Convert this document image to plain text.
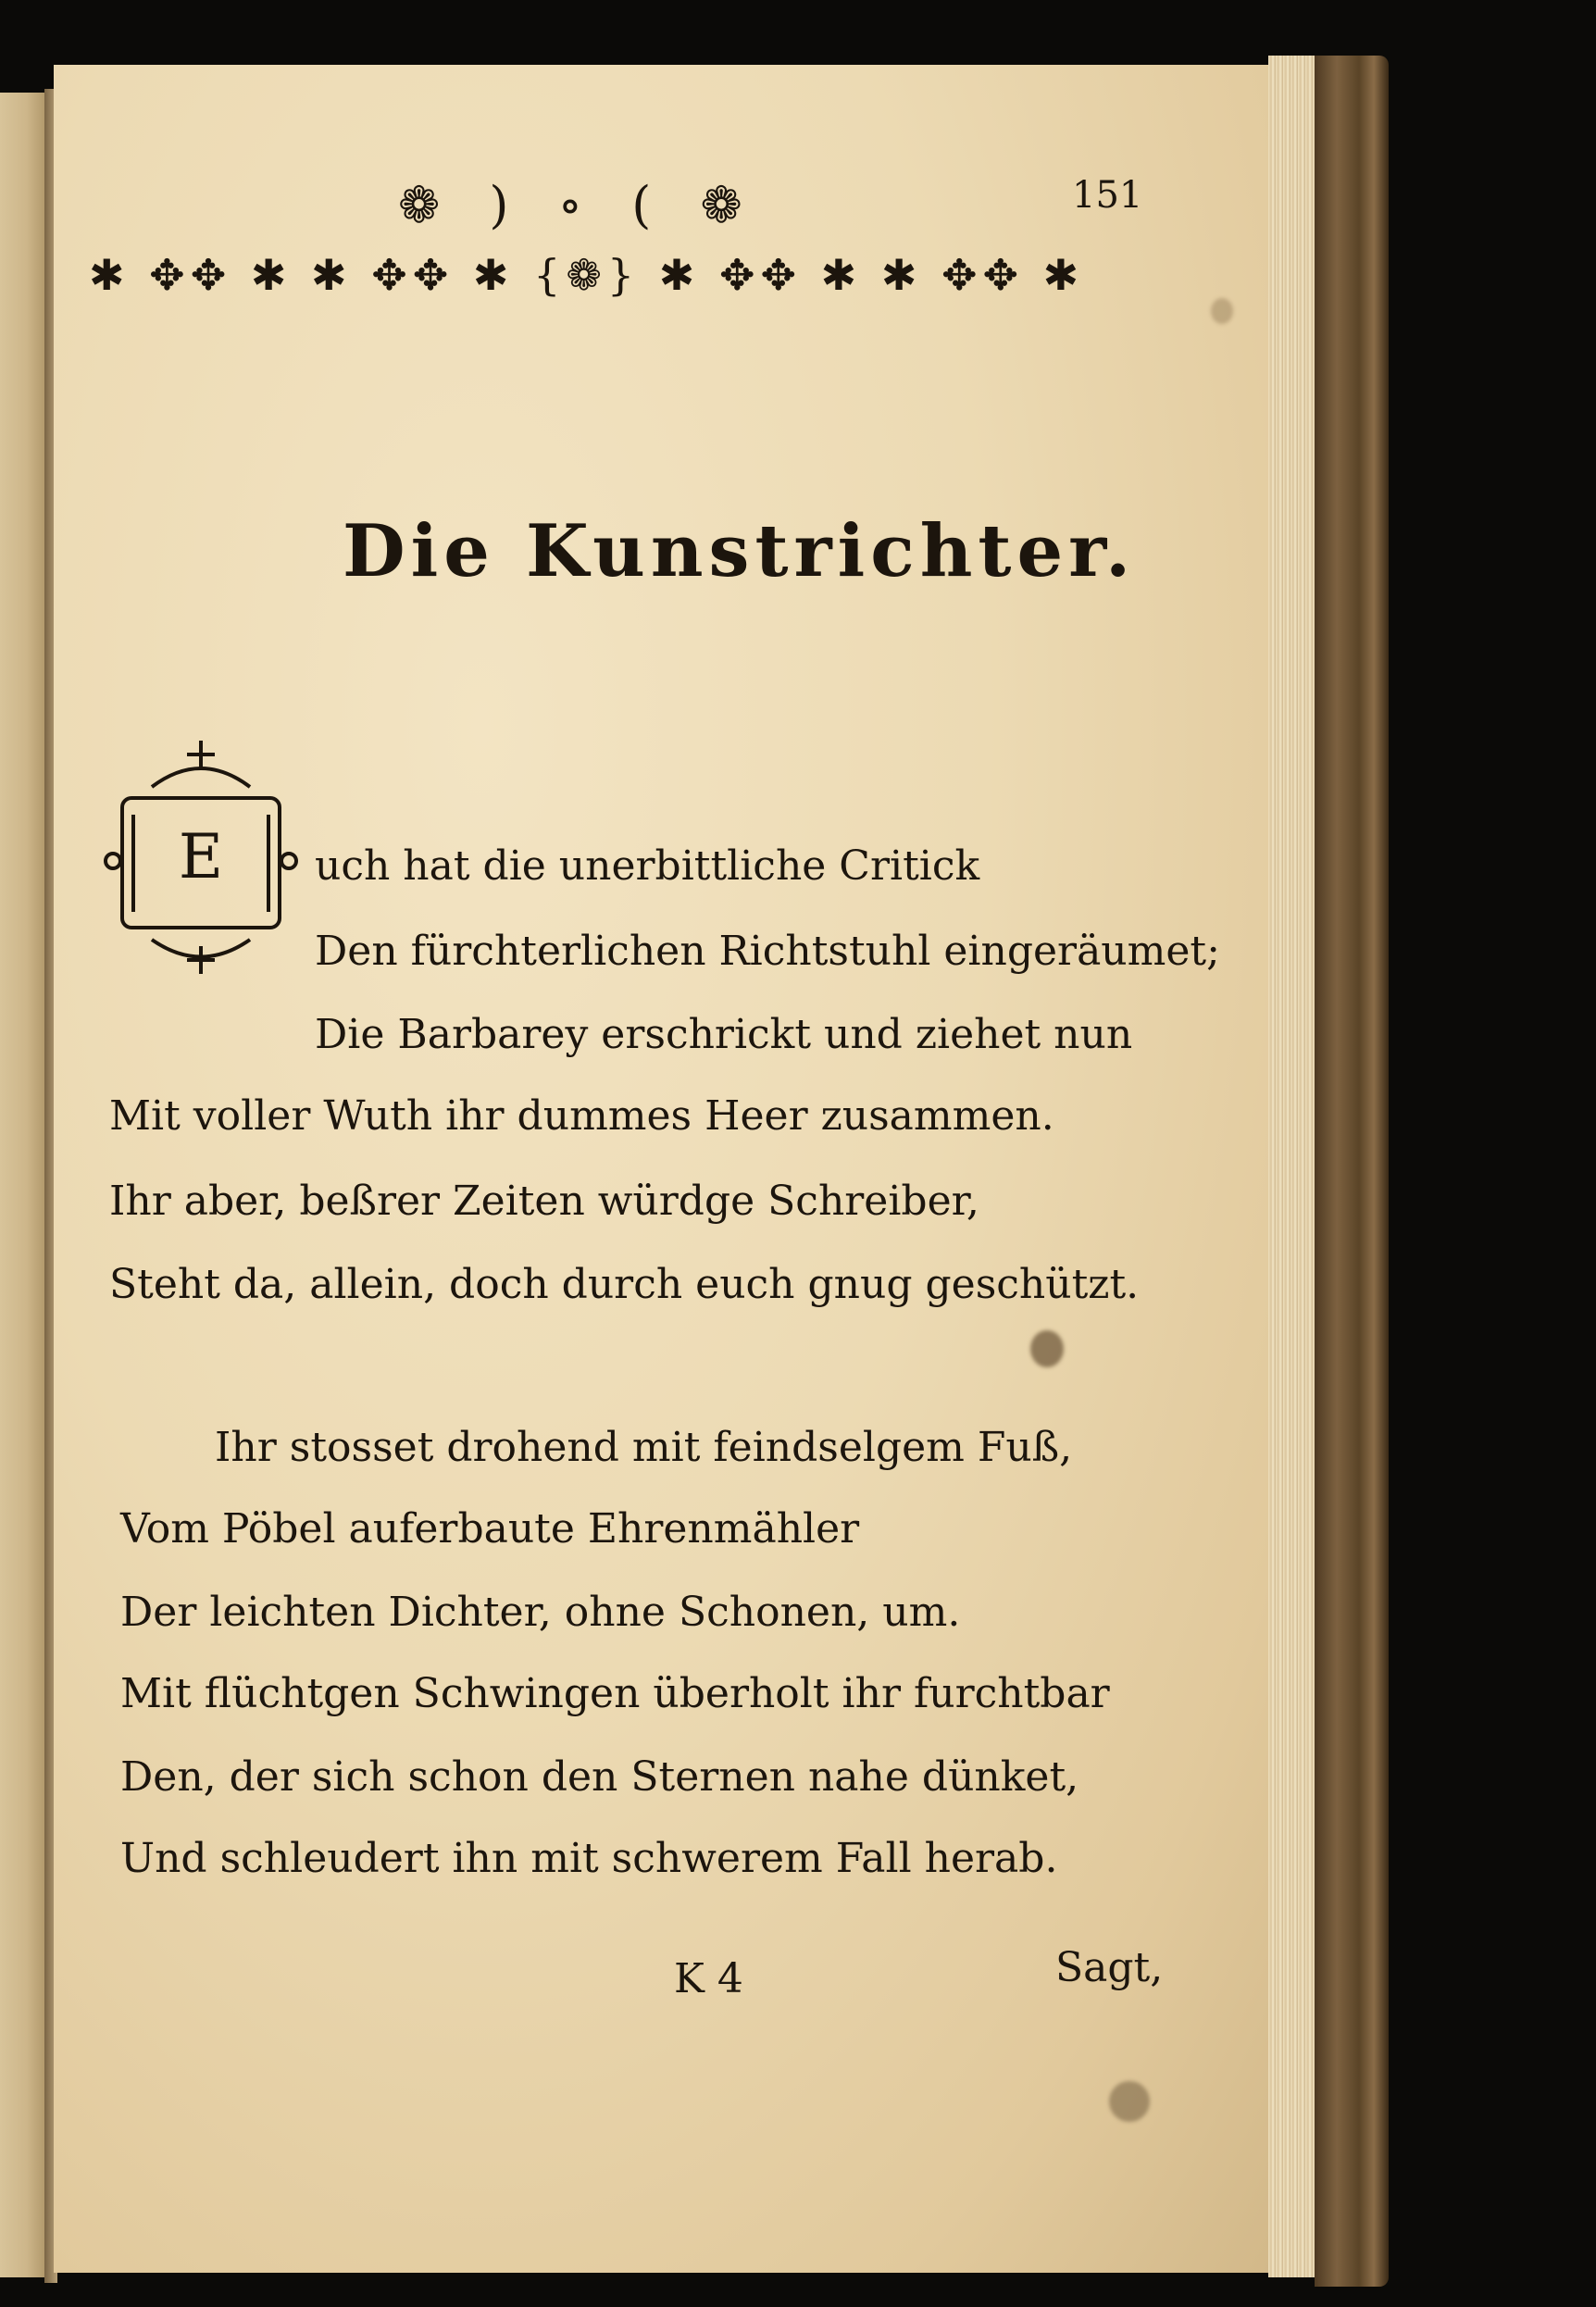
151
❁ ) ∘ ( ❁
✱ ✥✥ ✱ ✱ ✥✥ ✱ {❁} ✱ ✥✥ ✱ ✱ ✥✥ ✱
Die Kunstrichter.
E uch hat die unerbittliche Critick
Den fürchterlichen Richtstuhl eingeräumet;
Die Barbarey erschrickt und ziehet nun
Mit voller Wuth ihr dummes Heer zusammen.
Ihr aber, beßrer Zeiten würdge Schreiber,
Steht da, allein, doch durch euch gnug geschützt.
Ihr stosset drohend mit feindselgem Fuß,
Vom Pöbel auferbaute Ehrenmähler
Der leichten Dichter, ohne Schonen, um.
Mit flüchtgen Schwingen überholt ihr furchtbar
Den, der sich schon den Sternen nahe dünket,
Und schleudert ihn mit schwerem Fall herab.
K 4	Sagt,
